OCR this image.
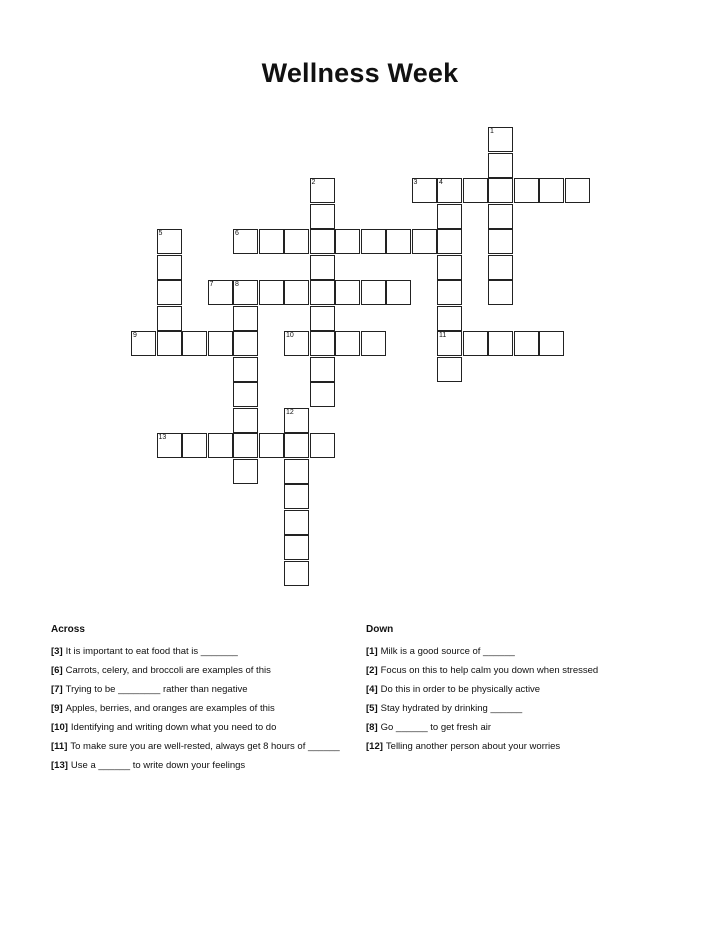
Wellness Week
1
2	3	4
11
5	6
7	8
9	10
12
13
Across
[3] It is important to eat food that is _______
[6] Carrots, celery, and broccoli are examples of this
[7] Trying to be ________ rather than negative
[9] Apples, berries, and oranges are examples of this
[10] Identifying and writing down what you need to do
[11] To make sure you are well-rested, always get 8 hours of ______
[13] Use a ______ to write down your feelings
Down
[1] Milk is a good source of ______
[2] Focus on this to help calm you down when stressed
[4] Do this in order to be physically active
[5] Stay hydrated by drinking ______
[8] Go ______ to get fresh air
[12] Telling another person about your worries
